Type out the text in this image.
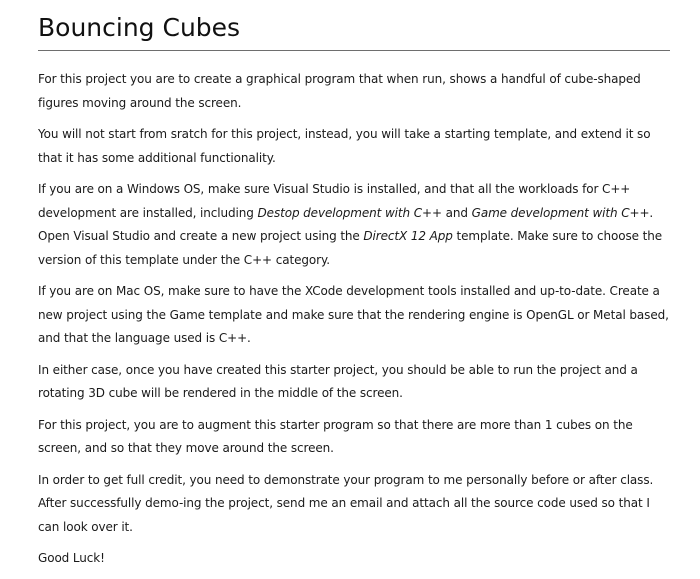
Bouncing Cubes

For this project you are to create a graphical program that when run, shows a handful of cube-shaped figures moving around the screen.

You will not start from sratch for this project, instead, you will take a starting template, and extend it so that it has some additional functionality.

If you are on a Windows OS, make sure Visual Studio is installed, and that all the workloads for C++ development are installed, including Destop development with C++ and Game development with C++. Open Visual Studio and create a new project using the DirectX 12 App template. Make sure to choose the version of this template under the C++ category.

If you are on Mac OS, make sure to have the XCode development tools installed and up-to-date. Create a new project using the Game template and make sure that the rendering engine is OpenGL or Metal based, and that the language used is C++.

In either case, once you have created this starter project, you should be able to run the project and a rotating 3D cube will be rendered in the middle of the screen.

For this project, you are to augment this starter program so that there are more than 1 cubes on the screen, and so that they move around the screen.

In order to get full credit, you need to demonstrate your program to me personally before or after class. After successfully demo-ing the project, send me an email and attach all the source code used so that I can look over it.

Good Luck!
